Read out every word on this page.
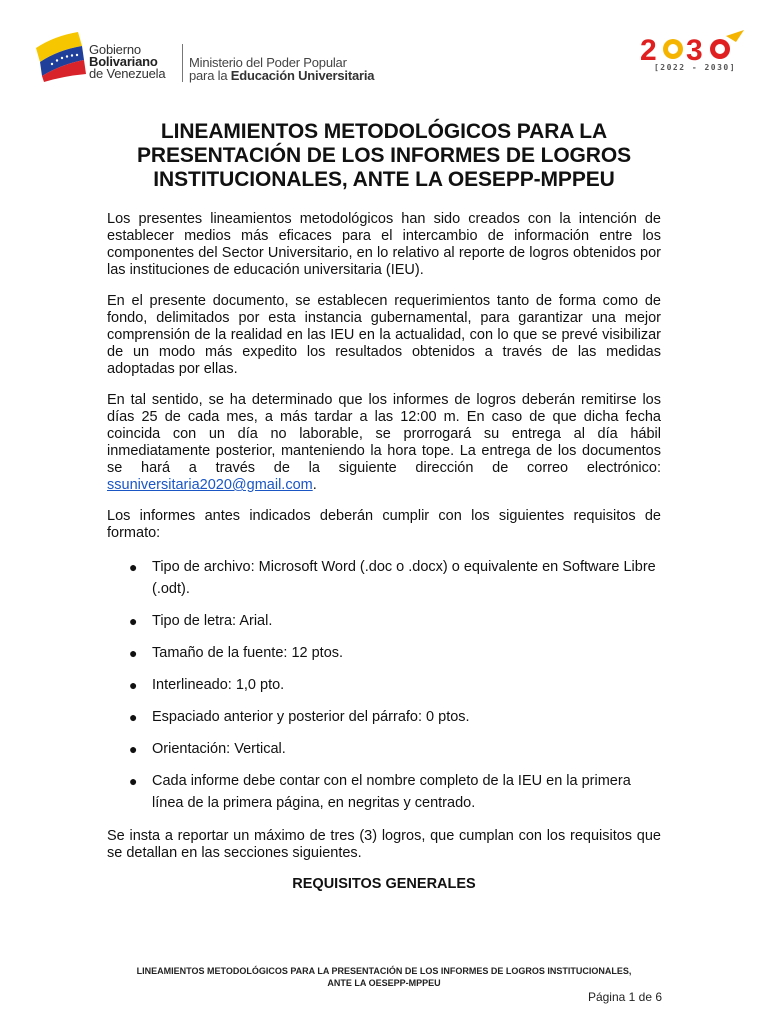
Gobierno
Bolivariano
de Venezuela
Ministerio del Poder Popular
para la Educación Universitaria
2 3
[2022 - 2030]
LINEAMIENTOS METODOLÓGICOS PARA LA PRESENTACIÓN DE LOS INFORMES DE LOGROS INSTITUCIONALES, ANTE LA OESEPP-MPPEU

Los presentes lineamientos metodológicos han sido creados con la intención de establecer medios más eficaces para el intercambio de información entre los componentes del Sector Universitario, en lo relativo al reporte de logros obtenidos por las instituciones de educación universitaria (IEU).

En el presente documento, se establecen requerimientos tanto de forma como de fondo, delimitados por esta instancia gubernamental, para garantizar una mejor comprensión de la realidad en las IEU en la actualidad, con lo que se prevé visibilizar de un modo más expedito los resultados obtenidos a través de las medidas adoptadas por ellas.

En tal sentido, se ha determinado que los informes de logros deberán remitirse los días 25 de cada mes, a más tardar a las 12:00 m. En caso de que dicha fecha coincida con un día no laborable, se prorrogará su entrega al día hábil inmediatamente posterior, manteniendo la hora tope. La entrega de los documentos se hará a través de la siguiente dirección de correo electrónico: ssuniversitaria2020@gmail.com.

Los informes antes indicados deberán cumplir con los siguientes requisitos de formato:

● Tipo de archivo: Microsoft Word (.doc o .docx) o equivalente en Software Libre (.odt).
● Tipo de letra: Arial.
● Tamaño de la fuente: 12 ptos.
● Interlineado: 1,0 pto.
● Espaciado anterior y posterior del párrafo: 0 ptos.
● Orientación: Vertical.
● Cada informe debe contar con el nombre completo de la IEU en la primera línea de la primera página, en negritas y centrado.

Se insta a reportar un máximo de tres (3) logros, que cumplan con los requisitos que se detallan en las secciones siguientes.

REQUISITOS GENERALES
LINEAMIENTOS METODOLÓGICOS PARA LA PRESENTACIÓN DE LOS INFORMES DE LOGROS INSTITUCIONALES,
ANTE LA OESEPP-MPPEU
Página 1 de 6
